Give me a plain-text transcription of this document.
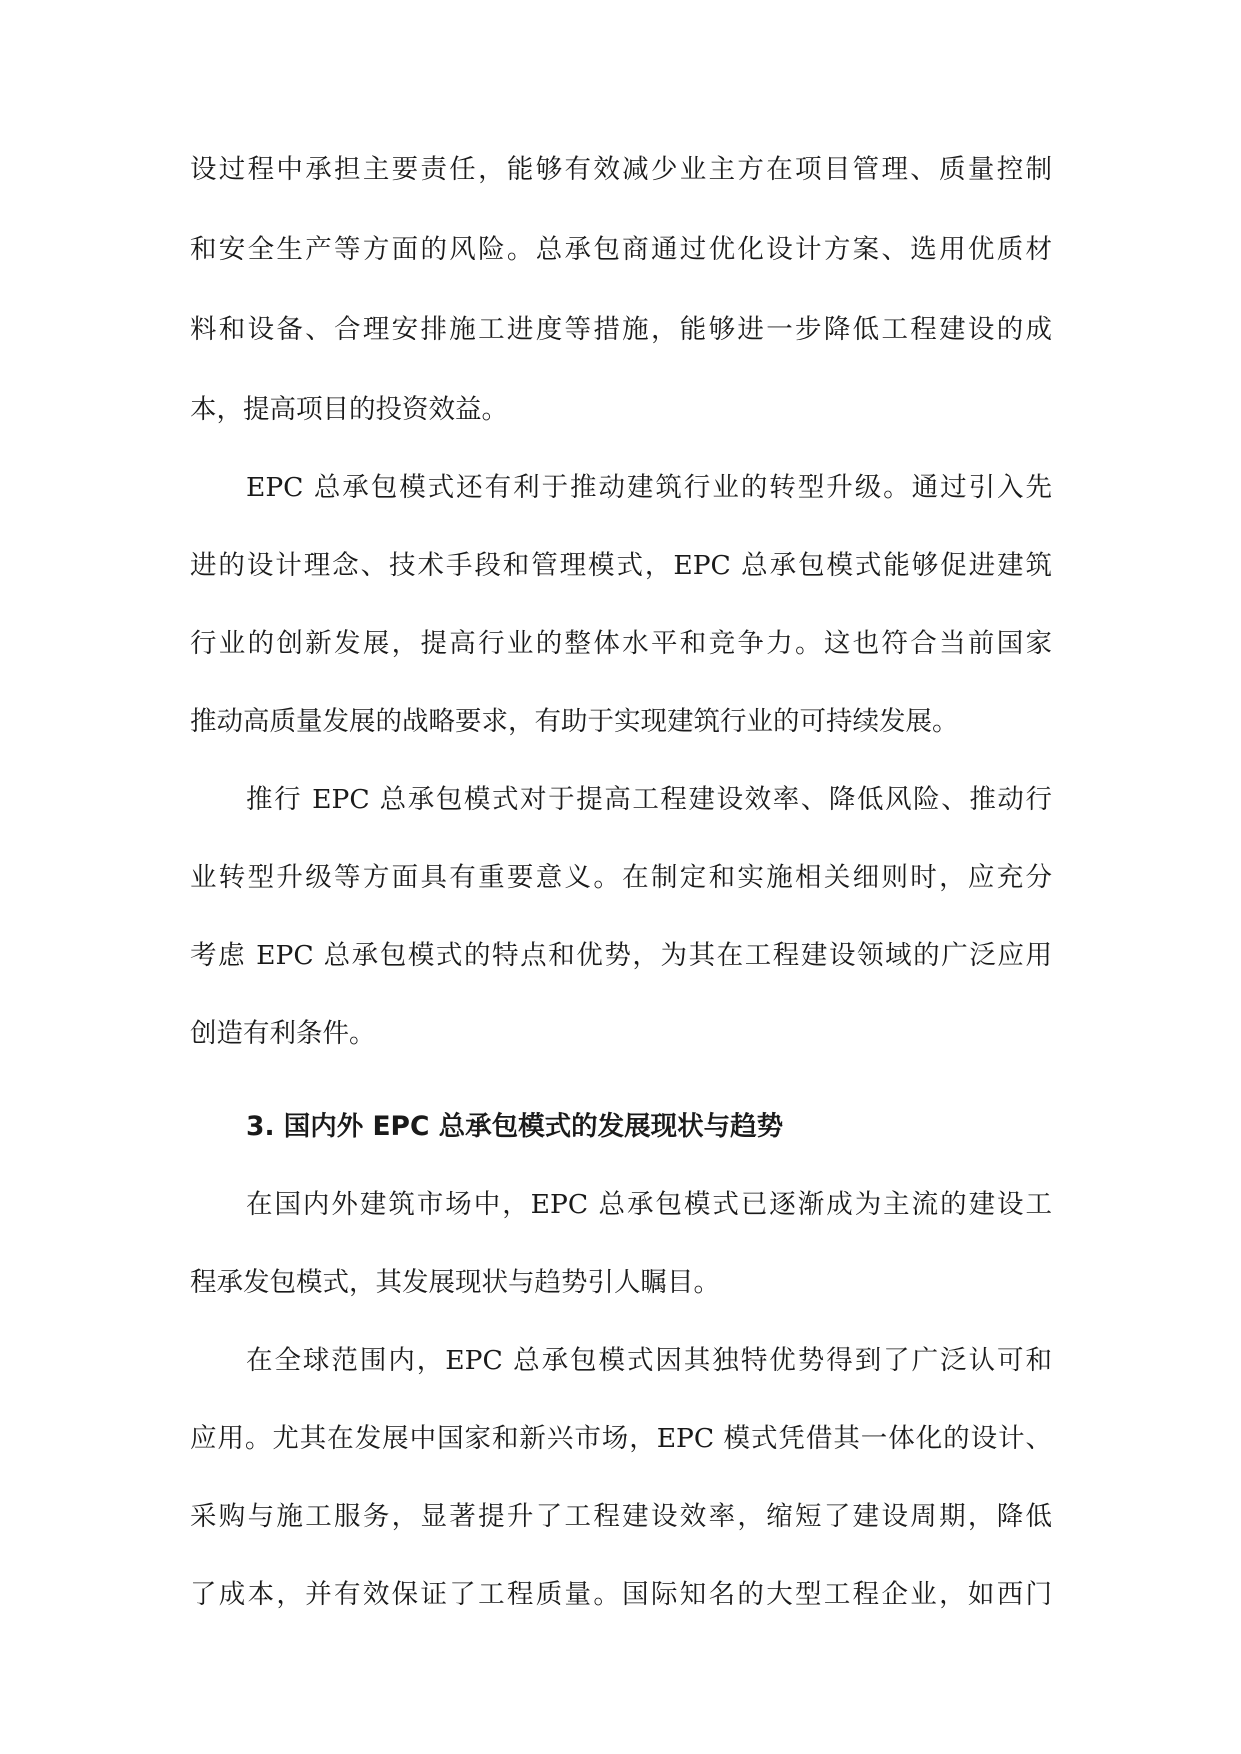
设过程中承担主要责任，能够有效减少业主方在项目管理、质量控制
和安全生产等方面的风险。总承包商通过优化设计方案、选用优质材
料和设备、合理安排施工进度等措施，能够进一步降低工程建设的成
本，提高项目的投资效益。
EPC 总承包模式还有利于推动建筑行业的转型升级。通过引入先
进的设计理念、技术手段和管理模式，EPC 总承包模式能够促进建筑
行业的创新发展，提高行业的整体水平和竞争力。这也符合当前国家
推动高质量发展的战略要求，有助于实现建筑行业的可持续发展。
推行 EPC 总承包模式对于提高工程建设效率、降低风险、推动行
业转型升级等方面具有重要意义。在制定和实施相关细则时，应充分
考虑 EPC 总承包模式的特点和优势，为其在工程建设领域的广泛应用
创造有利条件。
3. 国内外 EPC 总承包模式的发展现状与趋势
在国内外建筑市场中，EPC 总承包模式已逐渐成为主流的建设工
程承发包模式，其发展现状与趋势引人瞩目。
在全球范围内，EPC 总承包模式因其独特优势得到了广泛认可和
应用。尤其在发展中国家和新兴市场，EPC 模式凭借其一体化的设计、
采购与施工服务，显著提升了工程建设效率，缩短了建设周期，降低
了成本，并有效保证了工程质量。国际知名的大型工程企业，如西门
